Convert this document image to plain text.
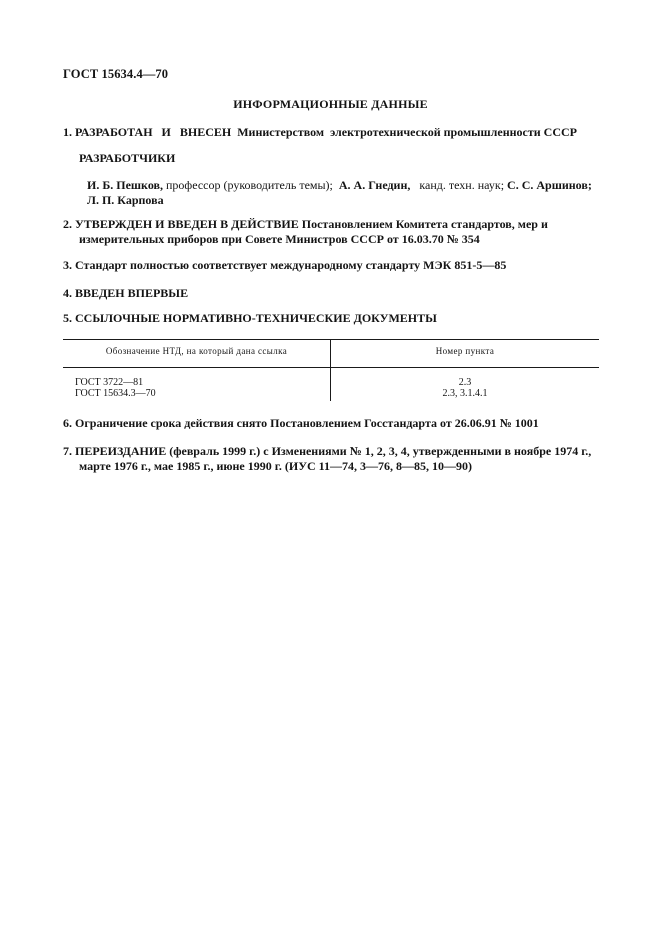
ГОСТ 15634.4—70
ИНФОРМАЦИОННЫЕ ДАННЫЕ
1. РАЗРАБОТАН   И   ВНЕСЕН  Министерством  электротехнической промышленности СССР
РАЗРАБОТЧИКИ
И. Б. Пешков, профессор (руководитель темы); А. А. Гнедин, канд. техн. наук; С. С. Аршинов;
Л. П. Карпова
2. УТВЕРЖДЕН И ВВЕДЕН В ДЕЙСТВИЕ Постановлением Комитета стандартов, мер и
измерительных приборов при Совете Министров СССР от 16.03.70 № 354
3. Стандарт полностью соответствует международному стандарту МЭК 851-5—85
4. ВВЕДЕН ВПЕРВЫЕ
5. ССЫЛОЧНЫЕ НОРМАТИВНО-ТЕХНИЧЕСКИЕ ДОКУМЕНТЫ
Обозначение НТД, на который дана ссылка	Номер пункта
ГОСТ 3722—81	2.3
ГОСТ 15634.3—70	2.3, 3.1.4.1
6. Ограничение срока действия снято Постановлением Госстандарта от 26.06.91 № 1001
7. ПЕРЕИЗДАНИЕ (февраль 1999 г.) с Изменениями № 1, 2, 3, 4, утвержденными в ноябре 1974 г.,
марте 1976 г., мае 1985 г., июне 1990 г. (ИУС 11—74, 3—76, 8—85, 10—90)
